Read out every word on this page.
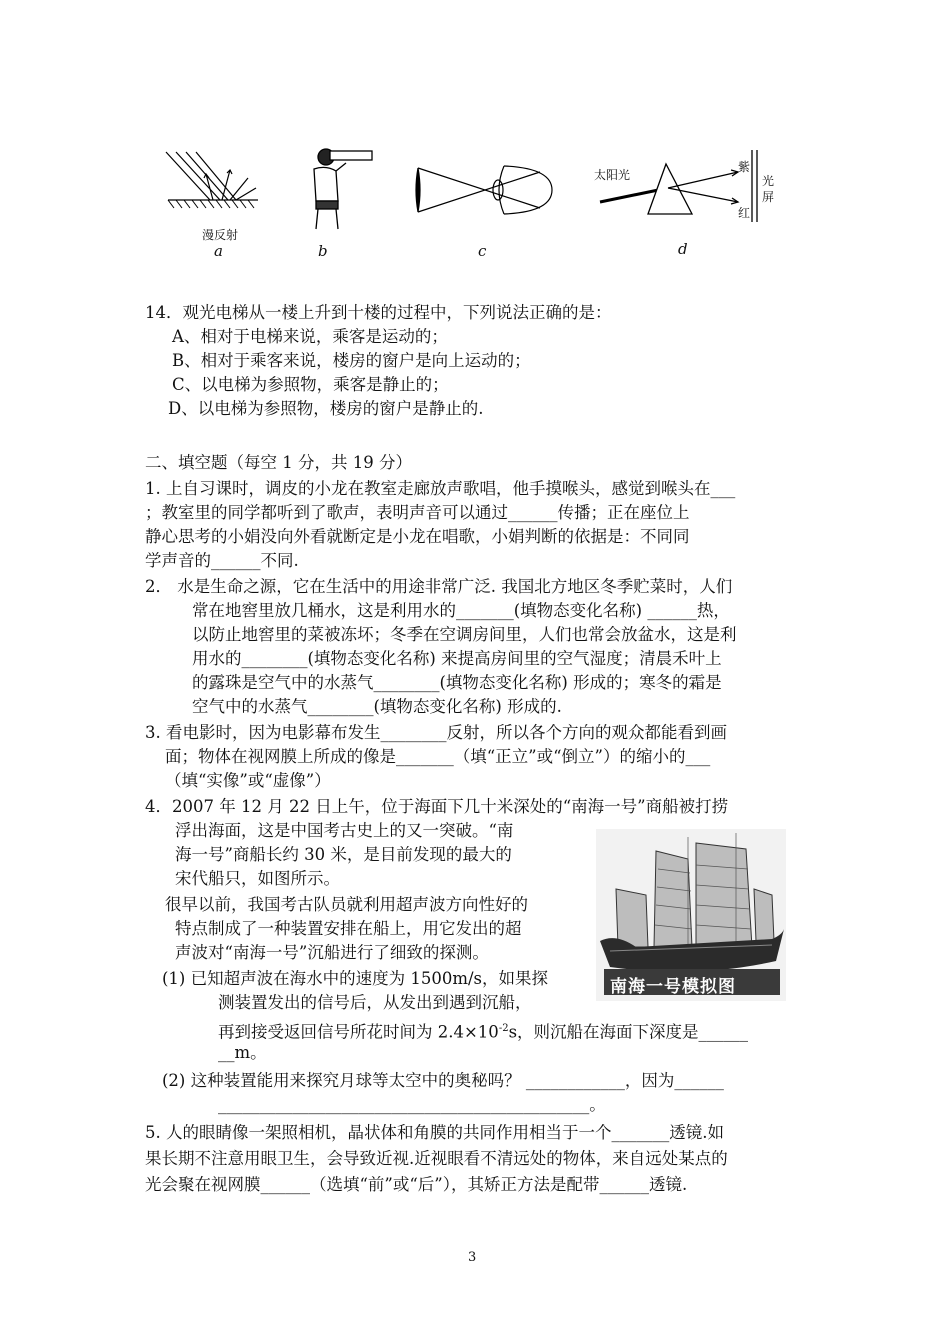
漫反射
a	b	c
太阳光
紫
红
光
屏
d
14．观光电梯从一楼上升到十楼的过程中，下列说法正确的是：
A、相对于电梯来说，乘客是运动的；
B、相对于乘客来说，楼房的窗户是向上运动的；
C、以电梯为参照物，乘客是静止的；
D、以电梯为参照物，楼房的窗户是静止的.
二、填空题（每空 1 分，共 19 分）
1. 上自习课时，调皮的小龙在教室走廊放声歌唱，他手摸喉头，感觉到喉头在___
；教室里的同学都听到了歌声，表明声音可以通过______传播；正在座位上
静心思考的小娟没向外看就断定是小龙在唱歌，小娟判断的依据是：不同同
学声音的______不同.
2． 水是生命之源，它在生活中的用途非常广泛. 我国北方地区冬季贮菜时，人们
常在地窖里放几桶水，这是利用水的_______(填物态变化名称) ______热，
以防止地窖里的菜被冻坏；冬季在空调房间里，人们也常会放盆水，这是利
用水的________(填物态变化名称) 来提高房间里的空气湿度；清晨禾叶上
的露珠是空气中的水蒸气________(填物态变化名称) 形成的；寒冬的霜是
空气中的水蒸气________(填物态变化名称) 形成的.
3. 看电影时，因为电影幕布发生________反射，所以各个方向的观众都能看到画
面；物体在视网膜上所成的像是_______（填“正立”或“倒立”）的缩小的___
（填“实像”或“虚像”）
4．2007 年 12 月 22 日上午，位于海面下几十米深处的“南海一号”商船被打捞
浮出海面，这是中国考古史上的又一突破。“南
海一号”商船长约 30 米，是目前发现的最大的
宋代船只，如图所示。
很早以前，我国考古队员就利用超声波方向性好的
特点制成了一种装置安排在船上，用它发出的超
声波对“南海一号”沉船进行了细致的探测。
(1) 已知超声波在海水中的速度为 1500m/s，如果探
测装置发出的信号后，从发出到遇到沉船，
再到接受返回信号所花时间为 $2.4\times 10^{-2}s$，则沉船在海面下深度是______
__m。
(2) 这种装置能用来探究月球等太空中的奥秘吗？ ____________，因为______
_____________________________________________。
南海一号模拟图
5. 人的眼睛像一架照相机，晶状体和角膜的共同作用相当于一个_______透镜.如
果长期不注意用眼卫生，会导致近视.近视眼看不清远处的物体，来自远处某点的
光会聚在视网膜______（选填“前”或“后”），其矫正方法是配带______透镜.
3
